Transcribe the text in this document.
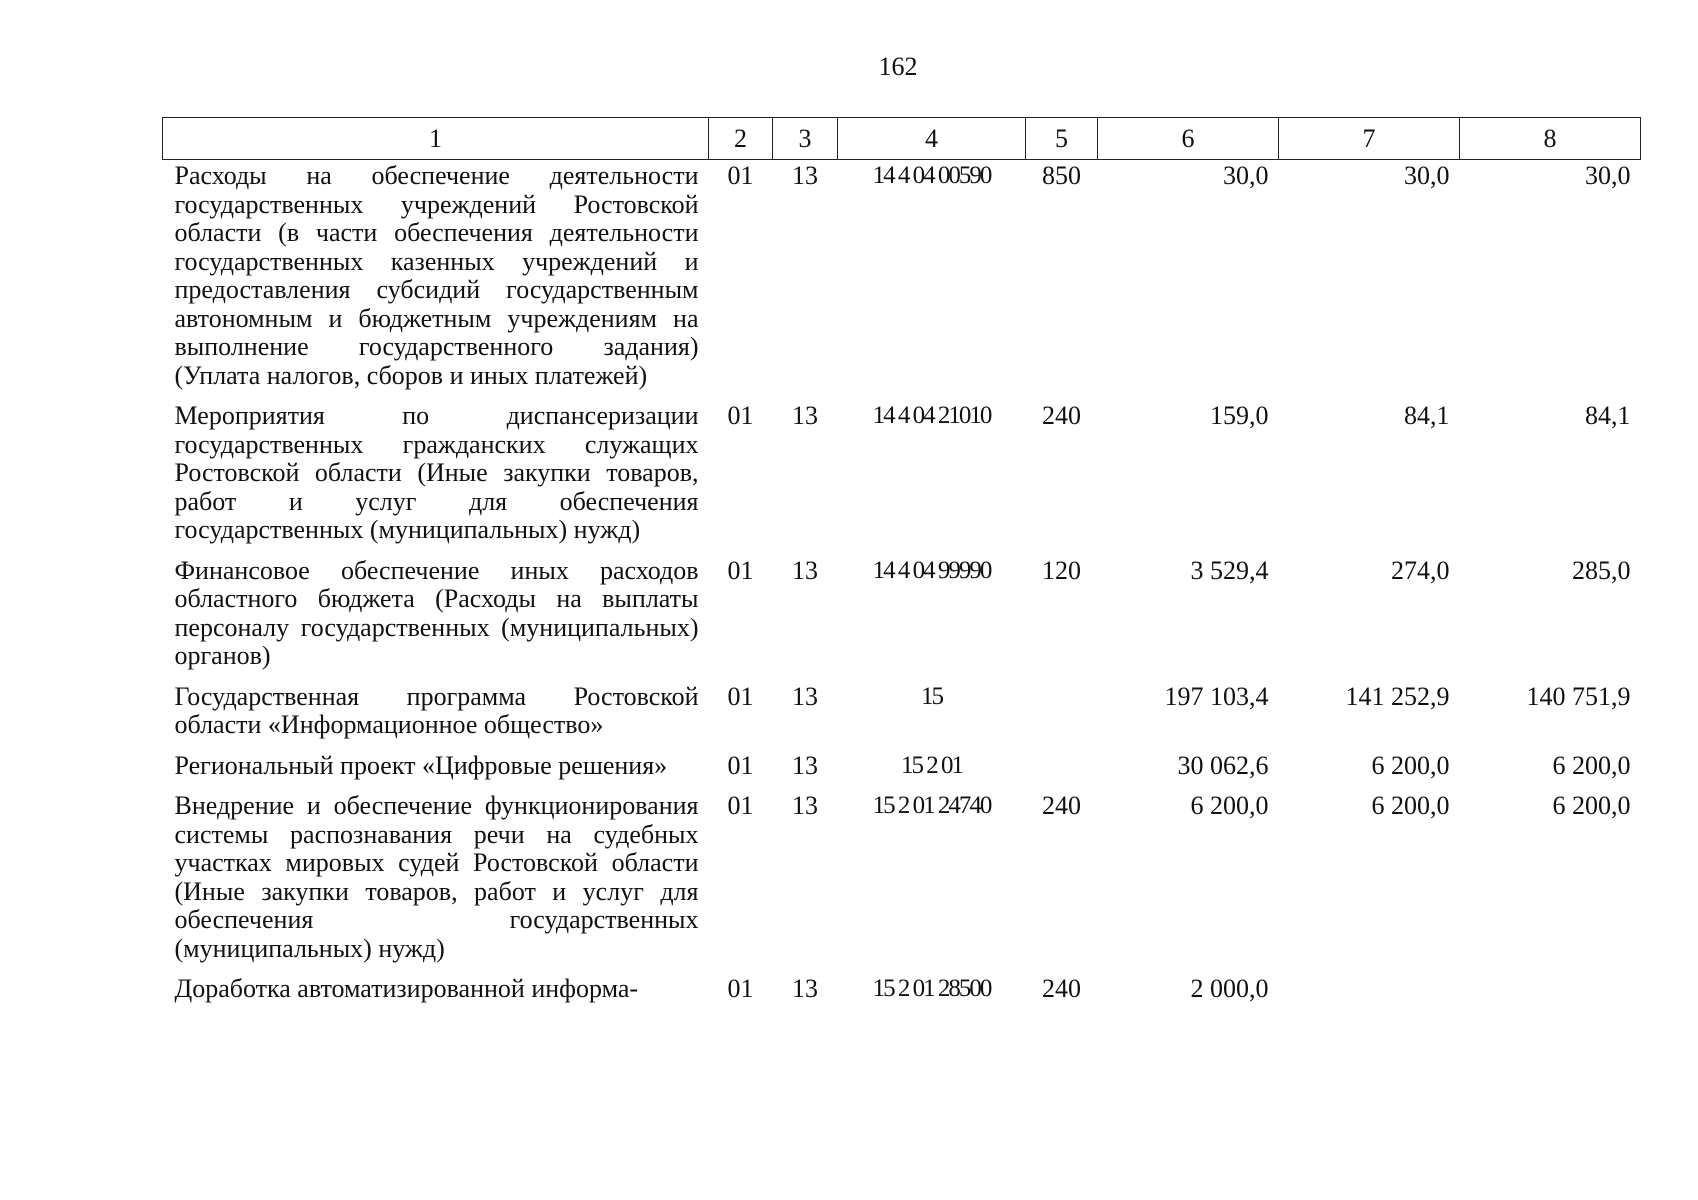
162
1	2	3	4	5	6	7	8
Расходы на обеспечение деятельности государственных учреждений Ростовской области (в части обеспечения деятельности государственных казенных учреждений и предоставления субсидий государственным автономным и бюджетным учреждениям на выполнение государственного задания) (Уплата налогов, сборов и иных платежей)	01	13	14 4 04 00590	850	30,0	30,0	30,0
Мероприятия по диспансеризации государственных гражданских служащих Ростовской области (Иные закупки товаров, работ и услуг для обеспечения государственных (муниципальных) нужд)	01	13	14 4 04 21010	240	159,0	84,1	84,1
Финансовое обеспечение иных расходов областного бюджета (Расходы на выплаты персоналу государственных (муниципальных) органов)	01	13	14 4 04 99990	120	3 529,4	274,0	285,0
Государственная программа Ростовской области «Информационное общество»	01	13	15		197 103,4	141 252,9	140 751,9
Региональный проект «Цифровые решения»	01	13	15 2 01		30 062,6	6 200,0	6 200,0
Внедрение и обеспечение функционирования системы распознавания речи на судебных участках мировых судей Ростовской области (Иные закупки товаров, работ и услуг для обеспечения государственных (муниципальных) нужд)	01	13	15 2 01 24740	240	6 200,0	6 200,0	6 200,0
Доработка автоматизированной информа-	01	13	15 2 01 28500	240	2 000,0		
